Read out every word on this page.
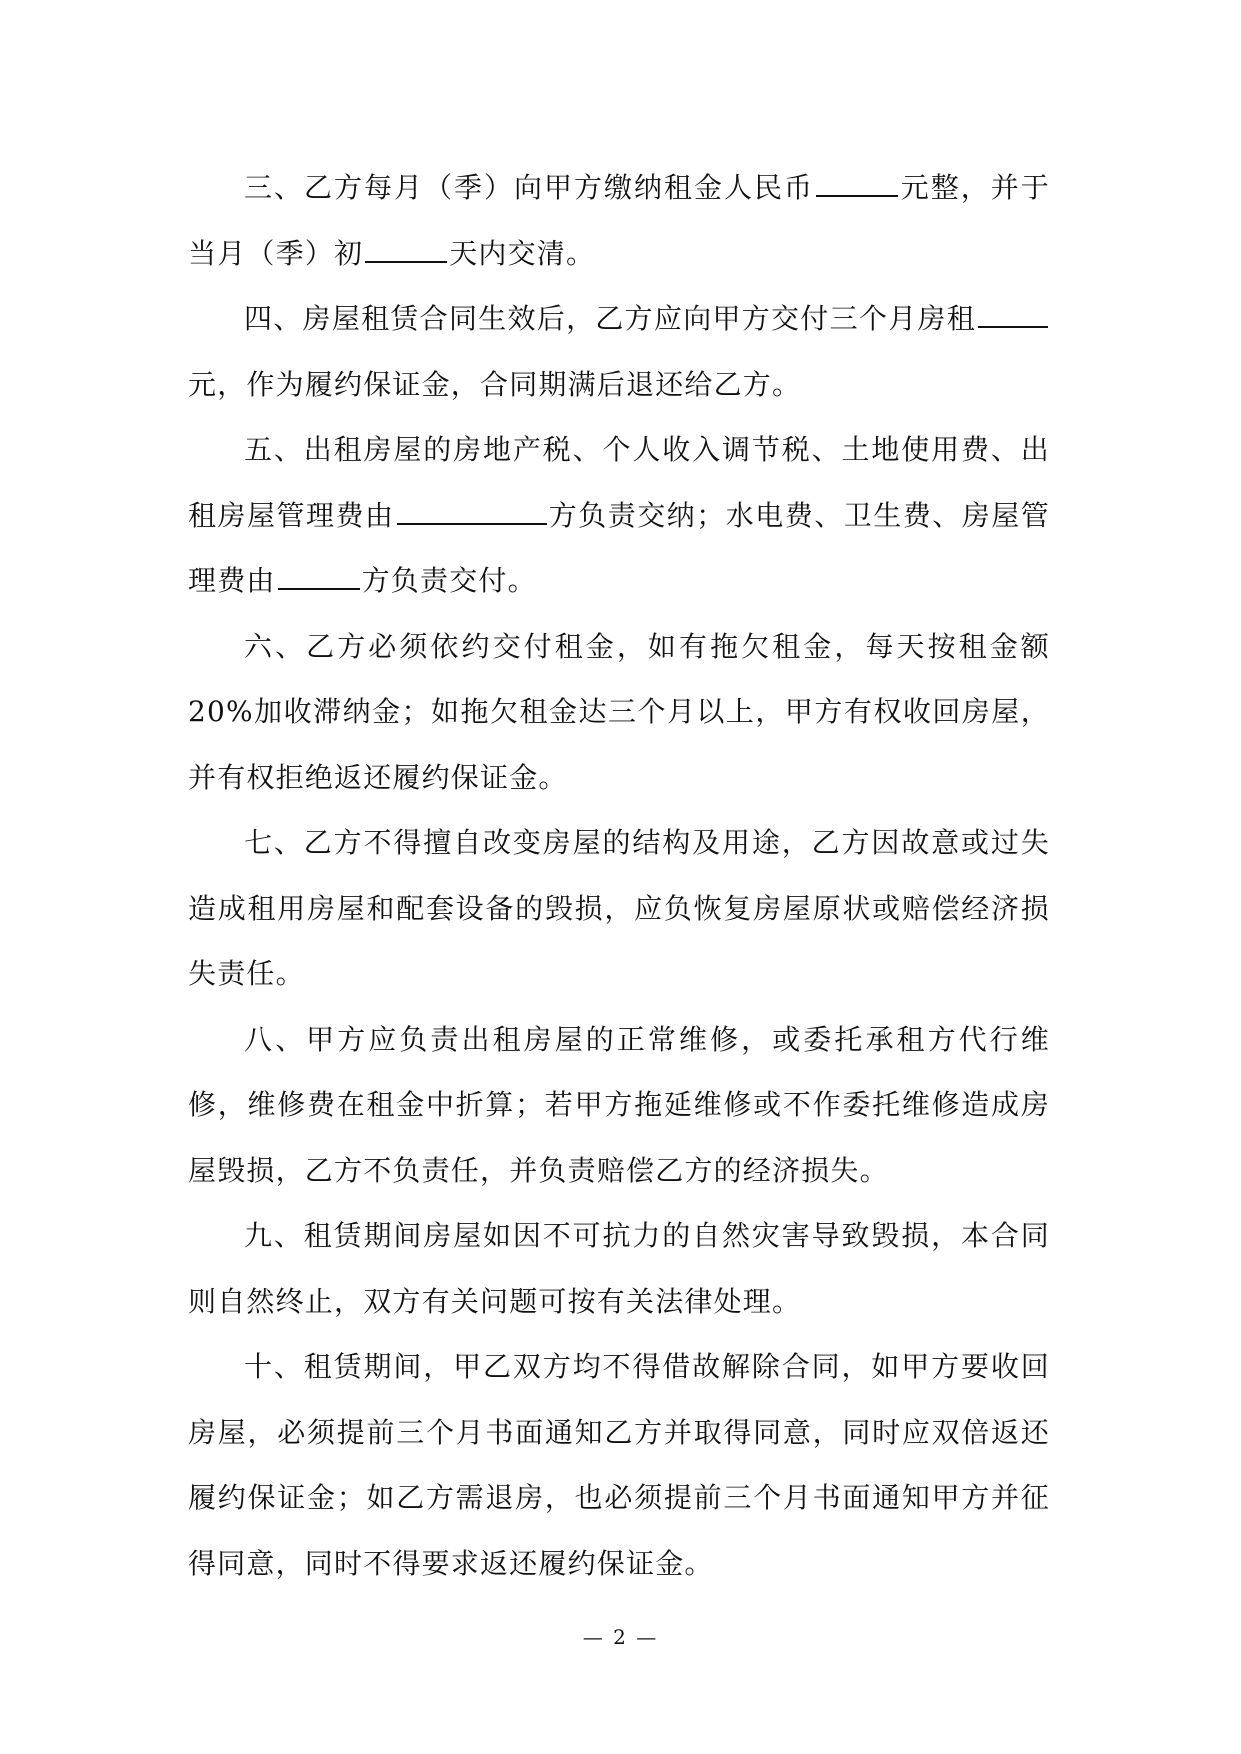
三、乙方每月（季）向甲方缴纳租金人民币	元整，并于当月（季）初	天内交清。

四、房屋租赁合同生效后，乙方应向甲方交付三个月房租元，作为履约保证金，合同期满后退还给乙方。

五、出租房屋的房地产税、个人收入调节税、土地使用费、出租房屋管理费由	方负责交纳；水电费、卫生费、房屋管理费由	方负责交付。

六、乙方必须依约交付租金，如有拖欠租金，每天按租金额 20%加收滞纳金；如拖欠租金达三个月以上，甲方有权收回房屋，并有权拒绝返还履约保证金。

七、乙方不得擅自改变房屋的结构及用途，乙方因故意或过失造成租用房屋和配套设备的毁损，应负恢复房屋原状或赔偿经济损失责任。

八、甲方应负责出租房屋的正常维修，或委托承租方代行维修，维修费在租金中折算；若甲方拖延维修或不作委托维修造成房屋毁损，乙方不负责任，并负责赔偿乙方的经济损失。

九、租赁期间房屋如因不可抗力的自然灾害导致毁损，本合同则自然终止，双方有关问题可按有关法律处理。

十、租赁期间，甲乙双方均不得借故解除合同，如甲方要收回房屋，必须提前三个月书面通知乙方并取得同意，同时应双倍返还履约保证金；如乙方需退房，也必须提前三个月书面通知甲方并征得同意，同时不得要求返还履约保证金。

— 2 —
